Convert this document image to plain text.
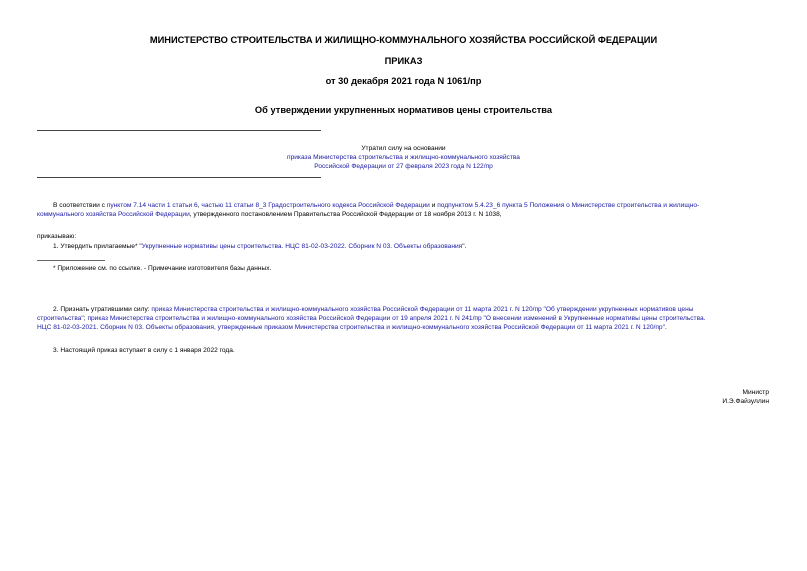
МИНИСТЕРСТВО СТРОИТЕЛЬСТВА И ЖИЛИЩНО-КОММУНАЛЬНОГО ХОЗЯЙСТВА РОССИЙСКОЙ ФЕДЕРАЦИИ
ПРИКАЗ
от 30 декабря 2021 года N 1061/пр
Об утверждении укрупненных нормативов цены строительства
Утратил силу на основании
приказа Министерства строительства и жилищно-коммунального хозяйства
Российской Федерации от 27 февраля 2023 года N 122/пр
В соответствии с пунктом 7.14 части 1 статьи 6, частью 11 статьи 8_3 Градостроительного кодекса Российской Федерации и подпунктом 5.4.23_6 пункта 5 Положения о Министерстве строительства и жилищно-
коммунального хозяйства Российской Федерации, утвержденного постановлением Правительства Российской Федерации от 18 ноября 2013 г. N 1038,
приказываю:
1. Утвердить прилагаемые* "Укрупненные нормативы цены строительства. НЦС 81-02-03-2022. Сборник N 03. Объекты образования".
* Приложение см. по ссылке. - Примечание изготовителя базы данных.
2. Признать утратившими силу: приказ Министерства строительства и жилищно-коммунального хозяйства Российской Федерации от 11 марта 2021 г. N 120/пр "Об утверждении укрупненных нормативов цены
строительства"; приказ Министерства строительства и жилищно-коммунального хозяйства Российской Федерации от 19 апреля 2021 г. N 241/пр "О внесении изменений в Укрупненные нормативы цены строительства.
НЦС 81-02-03-2021. Сборник N 03. Объекты образования, утвержденные приказом Министерства строительства и жилищно-коммунального хозяйства Российской Федерации от 11 марта 2021 г. N 120/пр".
3. Настоящий приказ вступает в силу с 1 января 2022 года.
Министр
И.Э.Файзуллин
